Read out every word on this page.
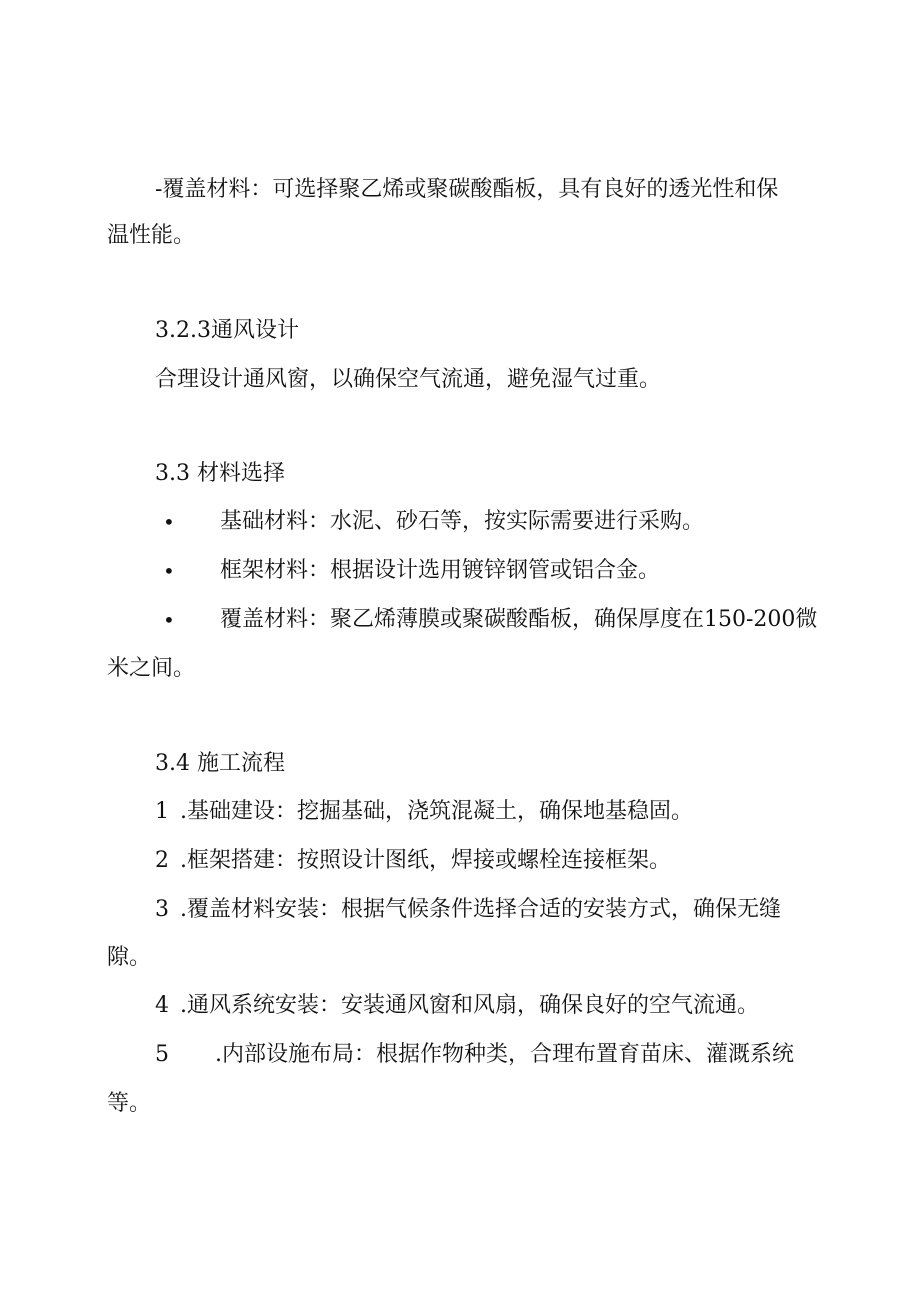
-覆盖材料：可选择聚乙烯或聚碳酸酯板，具有良好的透光性和保

温性能。

3.2.3通风设计

合理设计通风窗，以确保空气流通，避免湿气过重。

3.3 材料选择

• 基础材料：水泥、砂石等，按实际需要进行采购。

• 框架材料：根据设计选用镀锌钢管或铝合金。

• 覆盖材料：聚乙烯薄膜或聚碳酸酯板，确保厚度在150-200微

米之间。

3.4 施工流程

1 .基础建设：挖掘基础，浇筑混凝土，确保地基稳固。

2 .框架搭建：按照设计图纸，焊接或螺栓连接框架。

3 .覆盖材料安装：根据气候条件选择合适的安装方式，确保无缝

隙。

4 .通风系统安装：安装通风窗和风扇，确保良好的空气流通。

5 .内部设施布局：根据作物种类，合理布置育苗床、灌溉系统

等。
